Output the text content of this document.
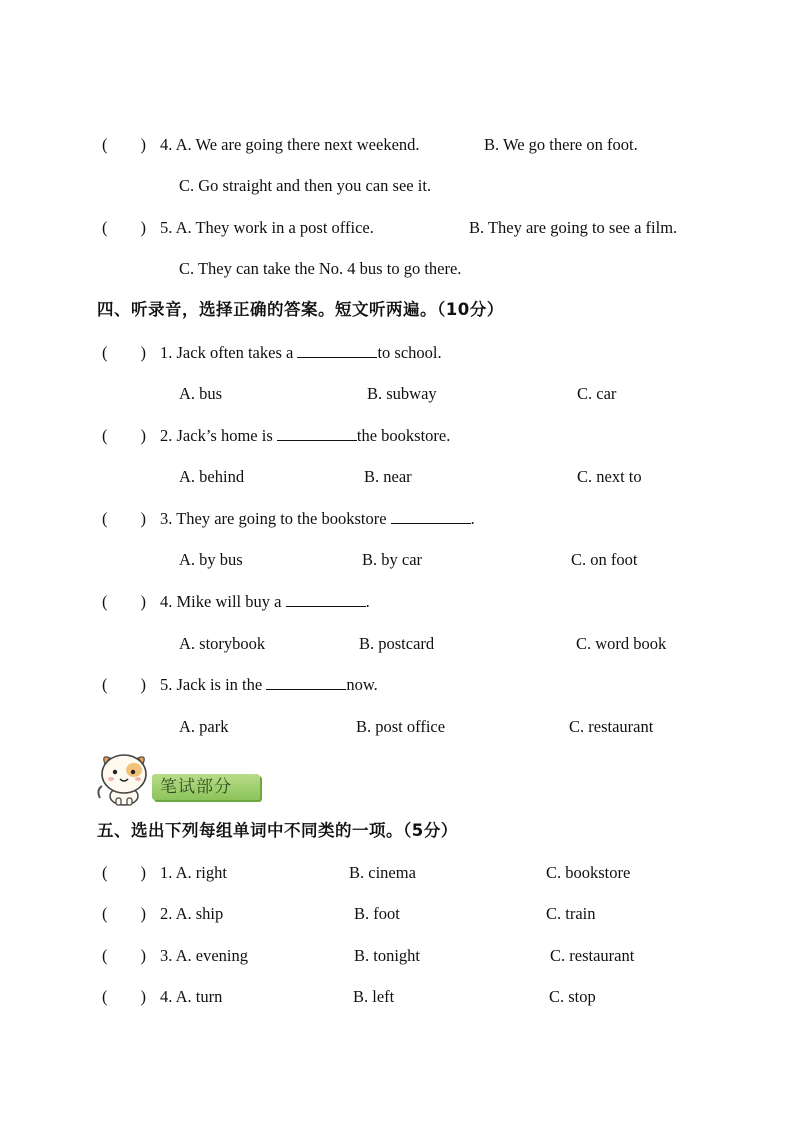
(        ) 4. A. We are going there next weekend.	B. We go there on foot.
C. Go straight and then you can see it.
(        ) 5. A. They work in a post office.	B. They are going to see a film.
C. They can take the No. 4 bus to go there.
四、听录音，选择正确的答案。短文听两遍。（10分）
(        ) 1. Jack often takes a	to school.
A. bus	B. subway	C. car
(        ) 2. Jack’s home is	the bookstore.
A. behind	B. near	C. next to
(        ) 3. They are going to the bookstore	.
A. by bus	B. by car	C. on foot
(        ) 4. Mike will buy a	.
A. storybook	B. postcard	C. word book
(        ) 5. Jack is in the	now.
A. park	B. post office	C. restaurant
笔试部分
五、选出下列每组单词中不同类的一项。（5分）
(        ) 1. A. right	B. cinema	C. bookstore
(        ) 2. A. ship	B. foot	C. train
(        ) 3. A. evening	B. tonight	C. restaurant
(        ) 4. A. turn	B. left	C. stop
